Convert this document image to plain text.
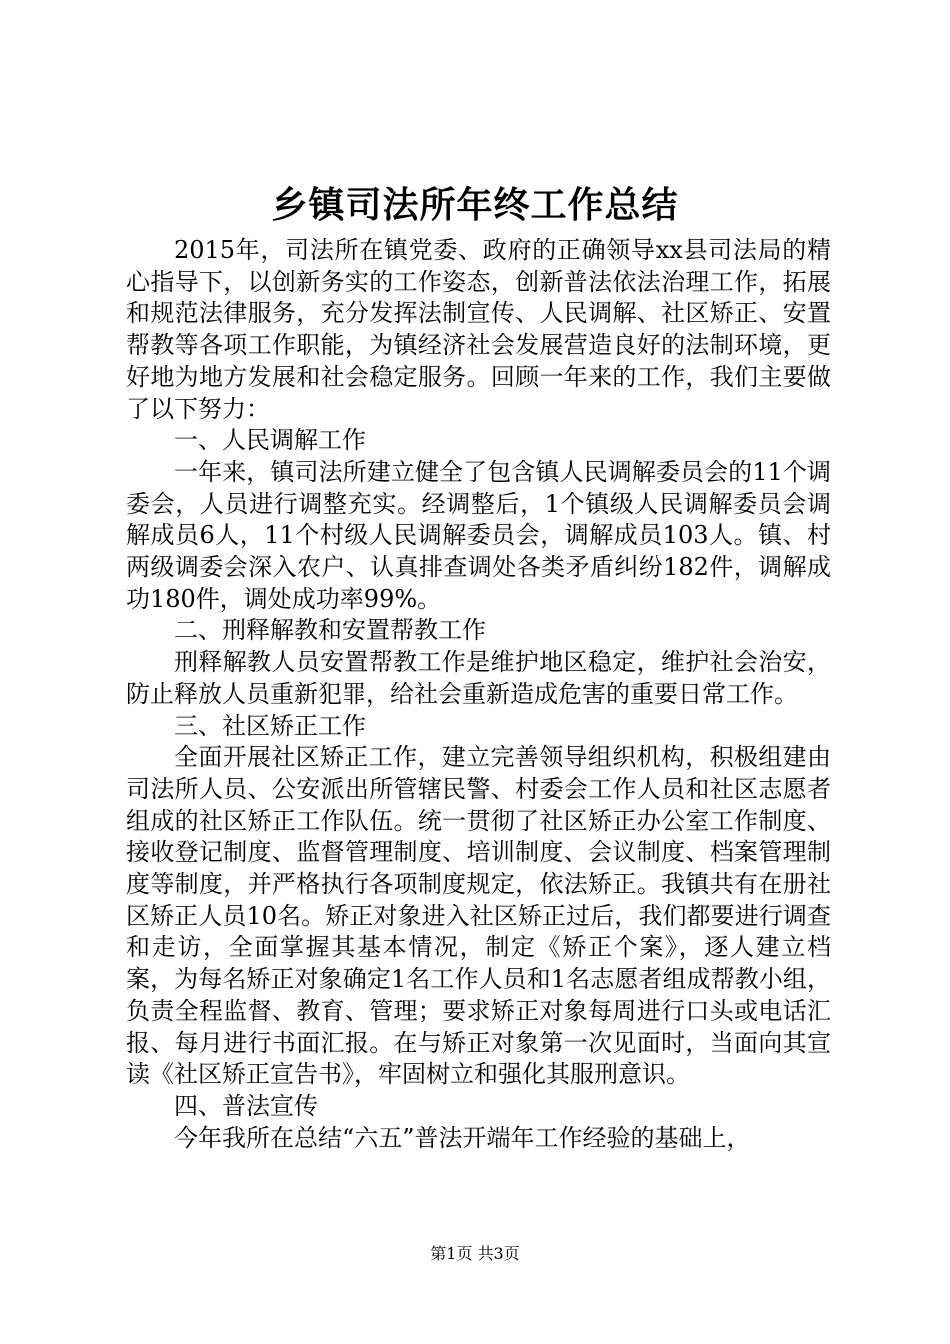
乡镇司法所年终工作总结

2015年，司法所在镇党委、政府的正确领导xx县司法局的精心指导下，以创新务实的工作姿态，创新普法依法治理工作，拓展和规范法律服务，充分发挥法制宣传、人民调解、社区矫正、安置帮教等各项工作职能，为镇经济社会发展营造良好的法制环境，更好地为地方发展和社会稳定服务。回顾一年来的工作，我们主要做了以下努力：

一、人民调解工作

一年来，镇司法所建立健全了包含镇人民调解委员会的11个调委会，人员进行调整充实。经调整后，1个镇级人民调解委员会调解成员6人，11个村级人民调解委员会，调解成员103人。镇、村两级调委会深入农户、认真排查调处各类矛盾纠纷182件，调解成功180件，调处成功率99%。

二、刑释解教和安置帮教工作

刑释解教人员安置帮教工作是维护地区稳定，维护社会治安，防止释放人员重新犯罪，给社会重新造成危害的重要日常工作。

三、社区矫正工作

全面开展社区矫正工作，建立完善领导组织机构，积极组建由司法所人员、公安派出所管辖民警、村委会工作人员和社区志愿者组成的社区矫正工作队伍。统一贯彻了社区矫正办公室工作制度、接收登记制度、监督管理制度、培训制度、会议制度、档案管理制度等制度，并严格执行各项制度规定，依法矫正。我镇共有在册社区矫正人员10名。矫正对象进入社区矫正过后，我们都要进行调查和走访，全面掌握其基本情况，制定《矫正个案》，逐人建立档案，为每名矫正对象确定1名工作人员和1名志愿者组成帮教小组，负责全程监督、教育、管理；要求矫正对象每周进行口头或电话汇报、每月进行书面汇报。在与矫正对象第一次见面时，当面向其宣读《社区矫正宣告书》，牢固树立和强化其服刑意识。

四、普法宣传

今年我所在总结“六五”普法开端年工作经验的基础上，

第1页 共3页
